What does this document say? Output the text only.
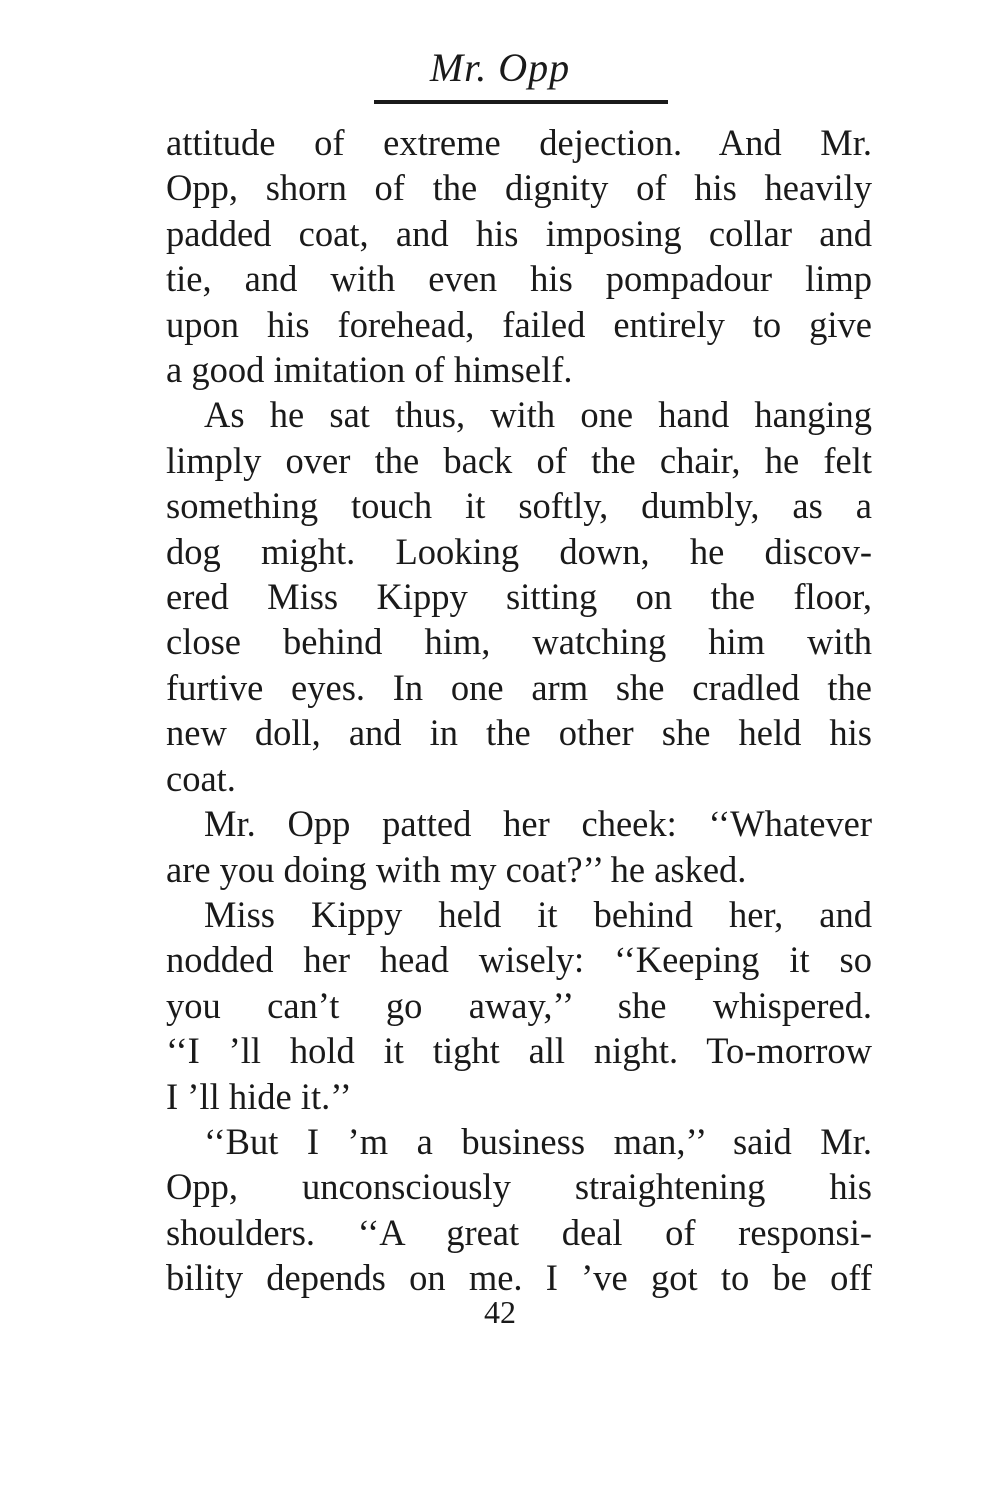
Mr. Opp

attitude of extreme dejection. And Mr.
Opp, shorn of the dignity of his heavily
padded coat, and his imposing collar and
tie, and with even his pompadour limp
upon his forehead, failed entirely to give
a good imitation of himself.

As he sat thus, with one hand hanging
limply over the back of the chair, he felt
something touch it softly, dumbly, as a
dog might. Looking down, he discov-
ered Miss Kippy sitting on the floor,
close behind him, watching him with
furtive eyes. In one arm she cradled the
new doll, and in the other she held his
coat.

Mr. Opp patted her cheek: ‘‘Whatever
are you doing with my coat?’’ he asked.

Miss Kippy held it behind her, and
nodded her head wisely: ‘‘Keeping it so
you can’t go away,’’ she whispered.
‘‘I ’ll hold it tight all night. To-morrow
I ’ll hide it.’’

‘‘But I ’m a business man,’’ said Mr.
Opp, unconsciously straightening his
shoulders. ‘‘A great deal of responsi-
bility depends on me. I ’ve got to be off

42
